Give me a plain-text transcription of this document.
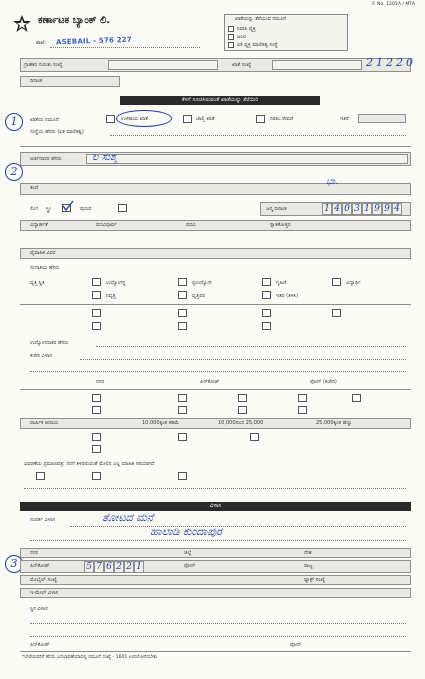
F. No. 1201A / MTA
ಕರ್ಣಾಟಕ ಬ್ಯಾಂಕ್ ಲಿ.
ಶಾಖೆ: ASEBAIL - 576 227
ಖಾತೆಯನ್ನು ತೆರೆಯುವ ನಮೂನೆ
ನಿವಾಸಿ ವ್ಯಕ್ತಿ
ಜಂಟಿ
ಏಕ ವ್ಯಕ್ತಿ ಮಾಲಿಕತ್ವ ಸಂಸ್ಥೆ
ಗ್ರಾಹಕರ ಗುರುತು ಸಂಖ್ಯೆ	ಖಾತೆ ಸಂಖ್ಯೆ	21220
ದಿನಾಂಕ
ಕೆಳಗೆ ಸೂಚಿಸಿರುವಂತೆ ಖಾತೆಯನ್ನು ತೆರೆಯಿರಿ
1	ಖಾತೆಯ ನಮೂನೆ	ಉಳಿತಾಯ ಖಾತೆ	ಚಾಲ್ತಿ ಖಾತೆ	ನಿರಖು ಠೇವಣಿ	ಇತರೆ
ಸಂಸ್ಥೆಯ ಹೆಸರು (ಏಕ ಮಾಲಿಕತ್ವ)
2
ಅರ್ಜಿದಾರರ ಹೆಸರು	ಲ ಸುಶ್ಮ
ತಂದೆ
ಭಾ.
ಲಿಂಗ ಸ್ತ್ರೀ	ಪುರುಷ	ಜನ್ಮ ದಿನಾಂಕ	1 4 0 3 1 9 9 4
ವಿದ್ಯಾರ್ಹತೆ	ಪದವಿಪೂರ್ವ	ಪದವಿ	ಸ್ನಾತಕೋತ್ತರ
ವೈವಾಹಿಕ ವಿವರ
ಸಂಗಾತಿಯ ಹೆಸರು
ವೃತ್ತಿ ಸ್ಥಿತಿ	ಉದ್ಯೋಗಸ್ಥ	ಸ್ವಉದ್ಯೋಗಿ	ಗೃಹಿಣಿ	ವಿದ್ಯಾರ್ಥಿ
ನಿವೃತ್ತ	ವೃತ್ತಿಪರ	ಇತರ (ತಿಳಿಸಿ)
ಉದ್ಯೋಗದಾತರ ಹೆಸರು
ಕಚೇರಿ ವಿಳಾಸ
ನಗರ	ಪಿನ್‌ಕೋಡ್	ಫೋನ್ (ಕಚೇರಿ)
ವಾರ್ಷಿಕ ಆದಾಯ	10,000ಕ್ಕಿಂತ ಕಡಿಮೆ	10,000ದಿಂದ 25,000	25,000ಕ್ಕಿಂತ ಹೆಚ್ಚು
ವಿವರಣೆಯ ಪ್ರಮಾಣಪತ್ರ: ನನಗೆ ತಿಳಿದಿರುವಂತೆ ಮೇಲಿನ ಎಲ್ಲ ಮಾಹಿತಿ ಸರಿಯಾಗಿದೆ
ವಿಳಾಸ
ಸಂಪರ್ಕ ವಿಳಾಸ	ತೋಟದ ಮನೆ
ಹಾಲಾಡಿ ಕುಂದಾಪುರ
3
ನಗರ	ಜಿಲ್ಲೆ	ದೇಶ
ಪಿನ್‌ಕೋಡ್	5 7 6 2 2 1	ಫೋನ್	ರಾಜ್ಯ
ಮೊಬೈಲ್ ಸಂಖ್ಯೆ	ಫ್ಯಾಕ್ಸ್ ಸಂಖ್ಯೆ
ಇ-ಮೇಲ್ ವಿಳಾಸ
ಸ್ಥಿರ ವಿಳಾಸ
ಪಿನ್‌ಕೋಡ್	ಫೋನ್
*ಬೇರೆಯವರಿಗೆ ಹೆಸರು ಬದಲಾವಣೆಯಾದಲ್ಲಿ ನಮೂನೆ ಸಂಖ್ಯೆ - 1601 ಉಪಯೋಗಿಸಬೇಕು.
